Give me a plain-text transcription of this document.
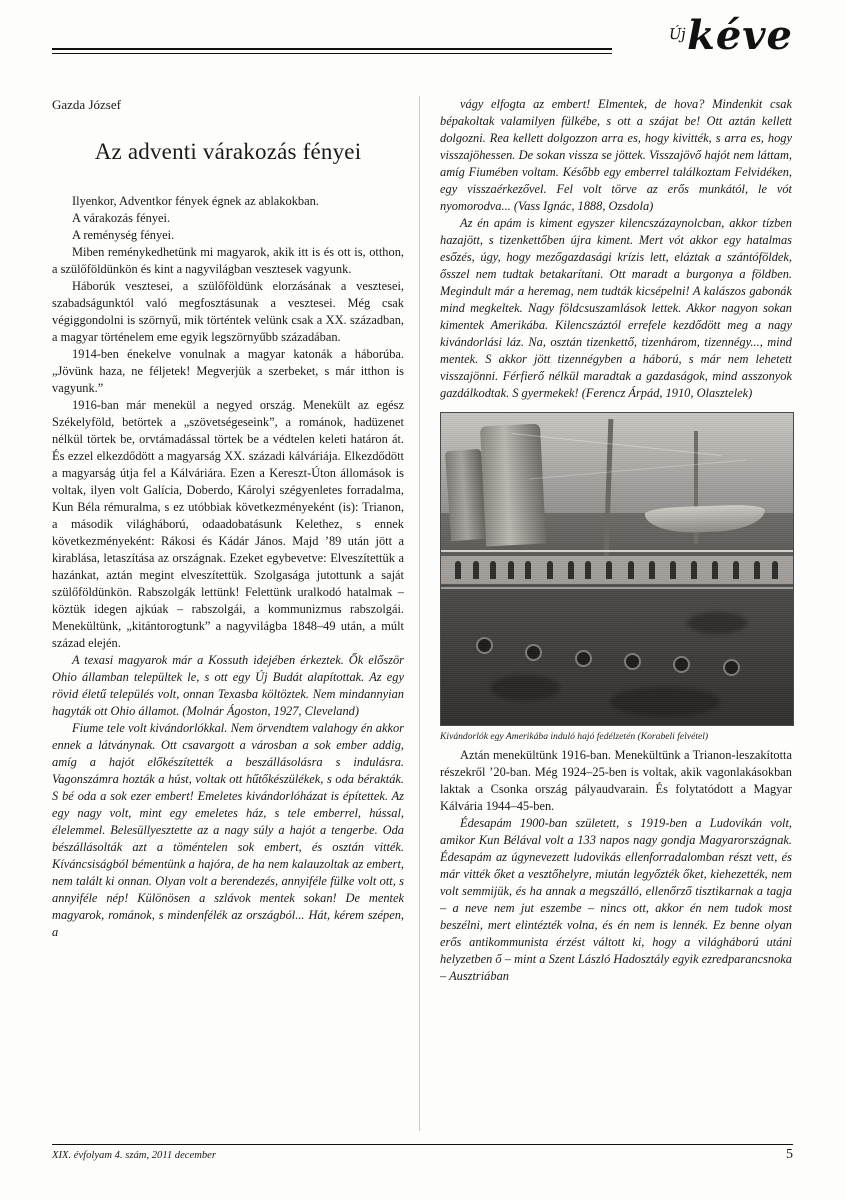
Újkéve
Gazda József
Az adventi várakozás fényei

Ilyenkor, Adventkor fények égnek az ablakokban.

A várakozás fényei.

A reménység fényei.

Miben reménykedhetünk mi magyarok, akik itt is és ott is, otthon, a szülőföldünkön és kint a nagyvilágban vesztesek vagyunk.

Háborúk vesztesei, a szülőföldünk elorzásának a vesztesei, szabadságunktól való megfosztásunak a vesztesei. Még csak végiggondolni is szörnyű, mik történtek velünk csak a XX. században, a magyar történelem eme egyik legszörnyűbb századában.

1914-ben énekelve vonulnak a magyar katonák a háborúba. „Jövünk haza, ne féljetek! Megverjük a szerbeket, s már itthon is vagyunk.”

1916-ban már menekül a negyed ország. Menekült az egész Székelyföld, betörtek a „szövetségeseink”, a románok, hadüzenet nélkül törtek be, orvtámadással törtek be a védtelen keleti határon át. És ezzel elkezdődött a magyarság XX. századi kálváriája. Elkezdődött a magyarság útja fel a Kálváriára. Ezen a Kereszt-Úton állomások is voltak, ilyen volt Galícia, Doberdo, Károlyi szégyenletes forradalma, Kun Béla rémuralma, s ez utóbbiak következményeként (is): Trianon, a második világháború, odaadobatásunk Kelethez, s ennek következményeként: Rákosi és Kádár János. Majd ’89 után jött a kirablása, letaszítása az országnak. Ezeket egybevetve: Elveszítettük a hazánkat, aztán megint elveszítettük. Szolgasága jutottunk a saját szülőföldünkön. Rabszolgák lettünk! Felettünk uralkodó hatalmak – köztük idegen ajkúak – rabszolgái, a kommunizmus rabszolgái. Menekültünk, „kitántorogtunk” a nagyvilágba 1848–49 után, a múlt század elején.

A texasi magyarok már a Kossuth idejében érkeztek. Ők először Ohio államban települtek le, s ott egy Új Budát alapítottak. Az egy rövid életű település volt, onnan Texasba költöztek. Nem mindannyian hagyták ott Ohio államot. (Molnár Ágoston, 1927, Cleveland)

Fiume tele volt kivándorlókkal. Nem örvendtem valahogy én akkor ennek a látványnak. Ott csavargott a városban a sok ember addig, amíg a hajót előkészítették a beszállásolásra s indulásra. Vagonszámra hozták a húst, voltak ott hűtőkészülékek, s oda bérakták. S bé oda a sok ezer embert! Emeletes kivándorlóházat is építettek. Az egy nagy volt, mint egy emeletes ház, s tele emberrel, hússal, élelemmel. Belesüllyesztette az a nagy súly a hajót a tengerbe. Oda bészállásolták azt a töméntelen sok embert, és osztán vitték. Kíváncsiságból bémentünk a hajóra, de ha nem kalauzoltak az embert, nem talált ki onnan. Olyan volt a berendezés, annyiféle fülke volt ott, s annyiféle nép! Különösen a szlávok mentek sokan! De mentek magyarok, románok, s mindenfélék az országból... Hát, kérem szépen, a

vágy elfogta az embert! Elmentek, de hova? Mindenkit csak bépakoltak valamilyen fülkébe, s ott a szájat be! Ott aztán kellett dolgozni. Rea kellett dolgozzon arra es, hogy kivitték, s arra es, hogy visszajöhessen. De sokan vissza se jöttek. Visszajövő hajót nem láttam, amíg Fiumében voltam. Később egy emberrel találkoztam Felvidéken, egy visszaérkezővel. Fel volt törve az erős munkától, le vót nyomorodva... (Vass Ignác, 1888, Ozsdola)

Az én apám is kiment egyszer kilencszázaynolcban, akkor tízben hazajött, s tizenkettőben újra kiment. Mert vót akkor egy hatalmas esőzés, úgy, hogy mezőgazdasági krízis lett, eláztak a szántóföldek, ősszel nem tudtak betakarítani. Ott maradt a burgonya a földben. Megindult már a heremag, nem tudták kicsépelni! A kalászos gabonák mind megkeltek. Nagy földcsuszamlások lettek. Akkor nagyon sokan kimentek Amerikába. Kilencszáztól errefele kezdődött meg a nagy kivándorlási láz. Na, osztán tizenkettő, tizenhárom, tizennégy..., mind mentek. S akkor jött tizennégyben a háború, s már nem lehetett visszajönni. Férfierő nélkül maradtak a gazdaságok, mind asszonyok gazdálkodtak. S gyermekek! (Ferencz Árpád, 1910, Olasztelek)

Kivándorlók egy Amerikába induló hajó fedélzetén (Korabeli felvétel)

Aztán menekültünk 1916-ban. Menekültünk a Trianon-leszakította részekről ’20-ban. Még 1924–25-ben is voltak, akik vagonlakásokban laktak a Csonka ország pályaudvarain. És folytatódott a Magyar Kálvária 1944–45-ben.

Édesapám 1900-ban született, s 1919-ben a Ludovikán volt, amikor Kun Bélával volt a 133 napos nagy gondja Magyarországnak. Édesapám az úgynevezett ludovikás ellenforradalomban részt vett, és már vitték őket a vesztőhelyre, miután legyőzték őket, kiehezették, nem volt semmijük, és ha annak a megszálló, ellenőrző tisztikarnak a tagja – a neve nem jut eszembe – nincs ott, akkor én nem tudok most beszélni, mert elintézték volna, és én nem is lennék. Ez benne olyan erős antikommunista érzést váltott ki, hogy a világháború utáni helyzetben ő – mint a Szent László Hadosztály egyik ezredparancsnoka – Ausztriában

XIX. évfolyam 4. szám, 2011 december	5
